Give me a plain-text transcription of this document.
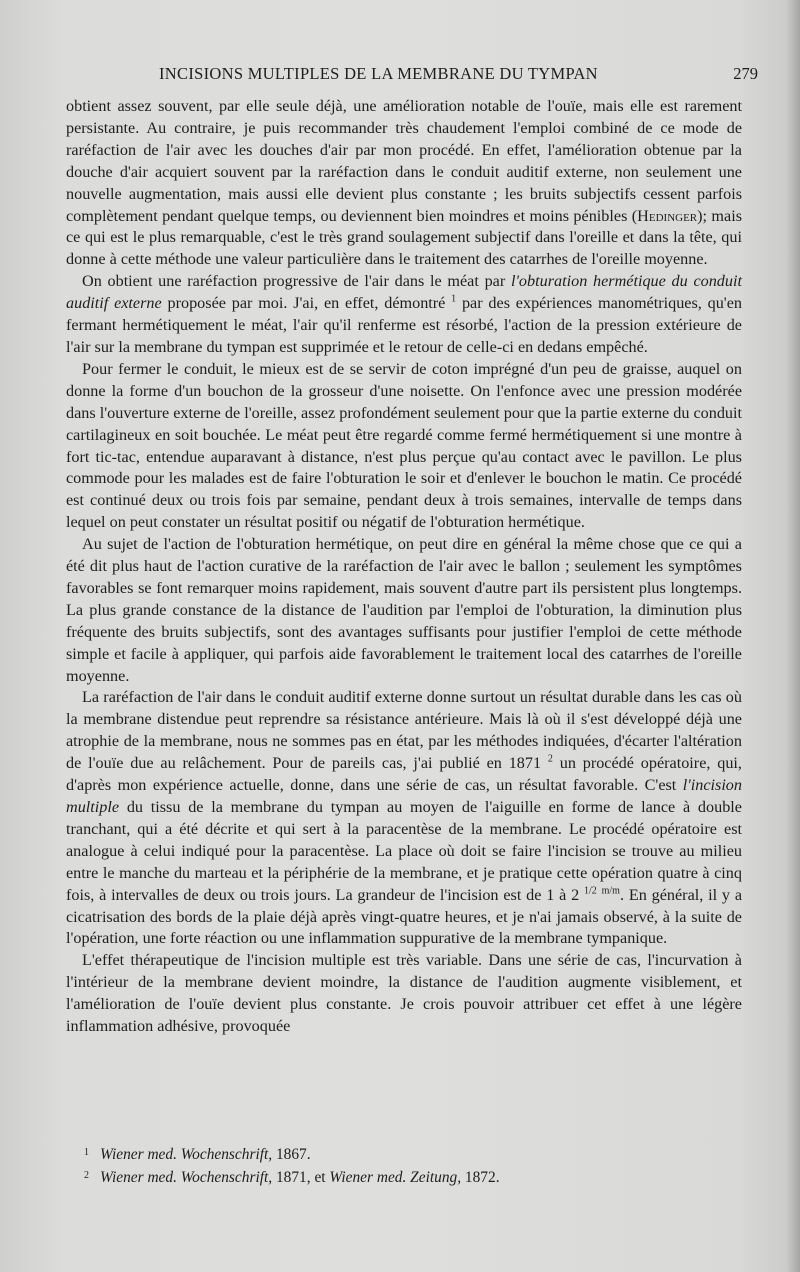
INCISIONS MULTIPLES DE LA MEMBRANE DU TYMPAN	279

obtient assez souvent, par elle seule déjà, une amélioration notable de l'ouïe, mais elle est rarement persistante. Au contraire, je puis recommander très chaudement l'emploi combiné de ce mode de raréfaction de l'air avec les douches d'air par mon procédé. En effet, l'amélioration obtenue par la douche d'air acquiert souvent par la raréfaction dans le conduit auditif externe, non seulement une nouvelle augmentation, mais aussi elle devient plus constante ; les bruits subjectifs cessent parfois complètement pendant quelque temps, ou deviennent bien moindres et moins pénibles (Hedinger); mais ce qui est le plus remarquable, c'est le très grand soulagement subjectif dans l'oreille et dans la tête, qui donne à cette méthode une valeur particulière dans le traitement des catarrhes de l'oreille moyenne.

On obtient une raréfaction progressive de l'air dans le méat par l'obturation hermétique du conduit auditif externe proposée par moi. J'ai, en effet, démontré $^1$ par des expériences manométriques, qu'en fermant hermétiquement le méat, l'air qu'il renferme est résorbé, l'action de la pression extérieure de l'air sur la membrane du tympan est supprimée et le retour de celle-ci en dedans empêché.

Pour fermer le conduit, le mieux est de se servir de coton imprégné d'un peu de graisse, auquel on donne la forme d'un bouchon de la grosseur d'une noisette. On l'enfonce avec une pression modérée dans l'ouverture externe de l'oreille, assez profondément seulement pour que la partie externe du conduit cartilagineux en soit bouchée. Le méat peut être regardé comme fermé hermétiquement si une montre à fort tic-tac, entendue auparavant à distance, n'est plus perçue qu'au contact avec le pavillon. Le plus commode pour les malades est de faire l'obturation le soir et d'enlever le bouchon le matin. Ce procédé est continué deux ou trois fois par semaine, pendant deux à trois semaines, intervalle de temps dans lequel on peut constater un résultat positif ou négatif de l'obturation hermétique.

Au sujet de l'action de l'obturation hermétique, on peut dire en général la même chose que ce qui a été dit plus haut de l'action curative de la raréfaction de l'air avec le ballon ; seulement les symptômes favorables se font remarquer moins rapidement, mais souvent d'autre part ils persistent plus longtemps. La plus grande constance de la distance de l'audition par l'emploi de l'obturation, la diminution plus fréquente des bruits subjectifs, sont des avantages suffisants pour justifier l'emploi de cette méthode simple et facile à appliquer, qui parfois aide favorablement le traitement local des catarrhes de l'oreille moyenne.

La raréfaction de l'air dans le conduit auditif externe donne surtout un résultat durable dans les cas où la membrane distendue peut reprendre sa résistance antérieure. Mais là où il s'est développé déjà une atrophie de la membrane, nous ne sommes pas en état, par les méthodes indiquées, d'écarter l'altération de l'ouïe due au relâchement. Pour de pareils cas, j'ai publié en 1871 $^2$ un procédé opératoire, qui, d'après mon expérience actuelle, donne, dans une série de cas, un résultat favorable. C'est l'incision multiple du tissu de la membrane du tympan au moyen de l'aiguille en forme de lance à double tranchant, qui a été décrite et qui sert à la paracentèse de la membrane. Le procédé opératoire est analogue à celui indiqué pour la paracentèse. La place où doit se faire l'incision se trouve au milieu entre le manche du marteau et la périphérie de la membrane, et je pratique cette opération quatre à cinq fois, à intervalles de deux ou trois jours. La grandeur de l'incision est de 1 à 2 $^{1/2}$ $^{m/m}$. En général, il y a cicatrisation des bords de la plaie déjà après vingt-quatre heures, et je n'ai jamais observé, à la suite de l'opération, une forte réaction ou une inflammation suppurative de la membrane tympanique.

L'effet thérapeutique de l'incision multiple est très variable. Dans une série de cas, l'incurvation à l'intérieur de la membrane devient moindre, la distance de l'audition augmente visiblement, et l'amélioration de l'ouïe devient plus constante. Je crois pouvoir attribuer cet effet à une légère inflammation adhésive, provoquée

1 Wiener med. Wochenschrift, 1867.

2 Wiener med. Wochenschrift, 1871, et Wiener med. Zeitung, 1872.
